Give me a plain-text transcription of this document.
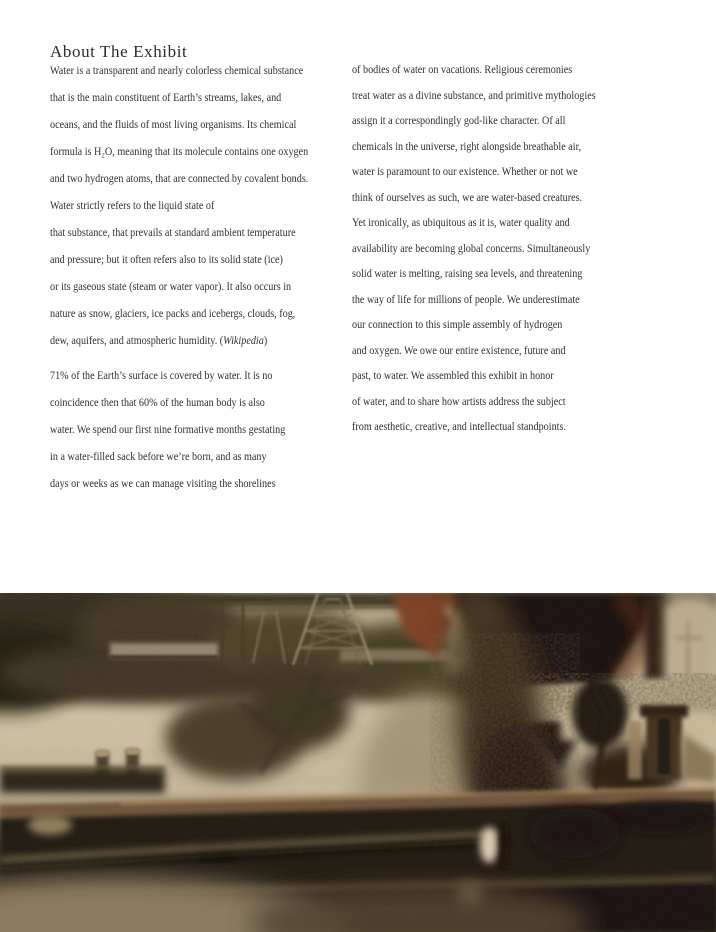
About The Exhibit
Water is a transparent and nearly colorless chemical substance
that is the main constituent of Earth’s streams, lakes, and
oceans, and the fluids of most living organisms. Its chemical
formula is H₂O, meaning that its molecule contains one oxygen
and two hydrogen atoms, that are connected by covalent bonds.
Water strictly refers to the liquid state of
that substance, that prevails at standard ambient temperature
and pressure; but it often refers also to its solid state (ice)
or its gaseous state (steam or water vapor). It also occurs in
nature as snow, glaciers, ice packs and icebergs, clouds, fog,
dew, aquifers, and atmospheric humidity. (Wikipedia)
71% of the Earth’s surface is covered by water. It is no
coincidence then that 60% of the human body is also
water. We spend our first nine formative months gestating
in a water-filled sack before we’re born, and as many
days or weeks as we can manage visiting the shorelines
of bodies of water on vacations. Religious ceremonies
treat water as a divine substance, and primitive mythologies
assign it a correspondingly god-like character. Of all
chemicals in the universe, right alongside breathable air,
water is paramount to our existence. Whether or not we
think of ourselves as such, we are water-based creatures.
Yet ironically, as ubiquitous as it is, water quality and
availability are becoming global concerns. Simultaneously
solid water is melting, raising sea levels, and threatening
the way of life for millions of people. We underestimate
our connection to this simple assembly of hydrogen
and oxygen. We owe our entire existence, future and
past, to water. We assembled this exhibit in honor
of water, and to share how artists address the subject
from aesthetic, creative, and intellectual standpoints.
